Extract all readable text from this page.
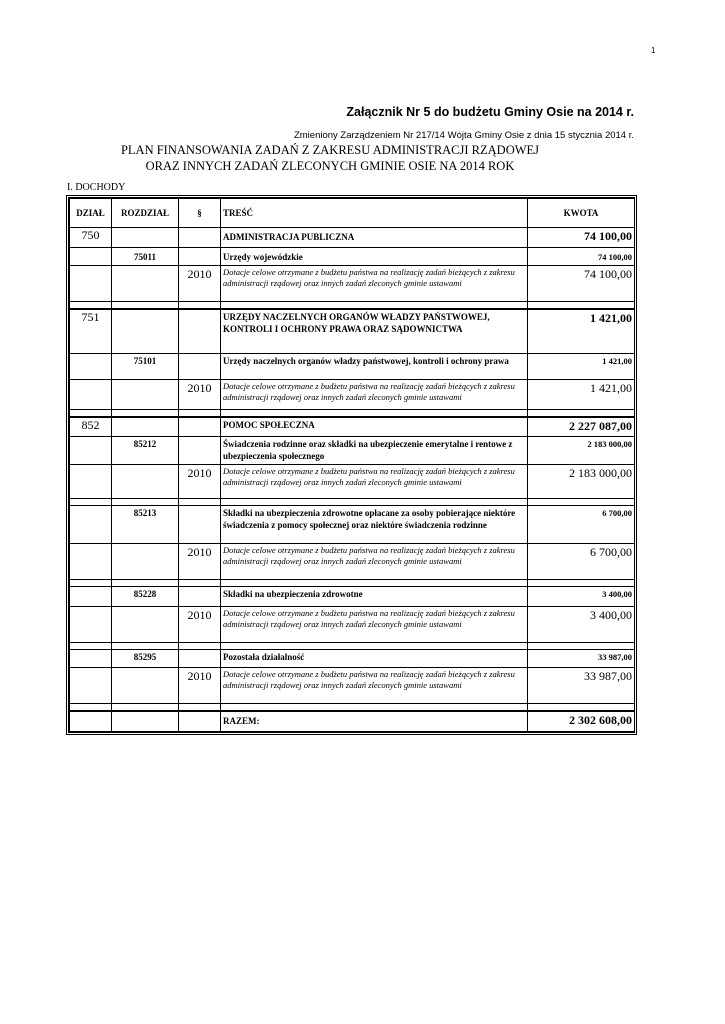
1
Załącznik Nr 5 do budżetu Gminy Osie na 2014 r.
Zmieniony Zarządzeniem Nr 217/14 Wójta Gminy Osie z dnia 15 stycznia 2014 r.
PLAN FINANSOWANIA ZADAŃ Z ZAKRESU ADMINISTRACJI RZĄDOWEJ
ORAZ INNYCH ZADAŃ ZLECONYCH GMINIE OSIE NA 2014 ROK
I. DOCHODY
DZIAŁ	ROZDZIAŁ	§	TREŚĆ	KWOTA
750			ADMINISTRACJA PUBLICZNA	74 100,00
	75011		Urzędy wojewódzkie	74 100,00
		2010	Dotacje celowe otrzymane z budżetu państwa na realizację zadań bieżących z zakresu administracji rządowej oraz innych zadań zleconych gminie ustawami	74 100,00

751			URZĘDY NACZELNYCH ORGANÓW WŁADZY PAŃSTWOWEJ, KONTROLI I OCHRONY PRAWA ORAZ SĄDOWNICTWA	1 421,00
	75101		Urzędy naczelnych organów władzy państwowej, kontroli i ochrony prawa	1 421,00
		2010	Dotacje celowe otrzymane z budżetu państwa na realizację zadań bieżących z zakresu administracji rządowej oraz innych zadań zleconych gminie ustawami	1 421,00

852			POMOC SPOŁECZNA	2 227 087,00
	85212		Świadczenia rodzinne oraz składki na ubezpieczenie emerytalne i rentowe z ubezpieczenia społecznego	2 183 000,00
		2010	Dotacje celowe otrzymane z budżetu państwa na realizację zadań bieżących z zakresu administracji rządowej oraz innych zadań zleconych gminie ustawami	2 183 000,00

	85213		Składki na ubezpieczenia zdrowotne opłacane za osoby pobierające niektóre świadczenia z pomocy społecznej oraz niektóre świadczenia rodzinne	6 700,00
		2010	Dotacje celowe otrzymane z budżetu państwa na realizację zadań bieżących z zakresu administracji rządowej oraz innych zadań zleconych gminie ustawami	6 700,00

	85228		Składki na ubezpieczenia zdrowotne	3 400,00
		2010	Dotacje celowe otrzymane z budżetu państwa na realizację zadań bieżących z zakresu administracji rządowej oraz innych zadań zleconych gminie ustawami	3 400,00

	85295		Pozostała działalność	33 987,00
		2010	Dotacje celowe otrzymane z budżetu państwa na realizację zadań bieżących z zakresu administracji rządowej oraz innych zadań zleconych gminie ustawami	33 987,00

			RAZEM:	2 302 608,00
